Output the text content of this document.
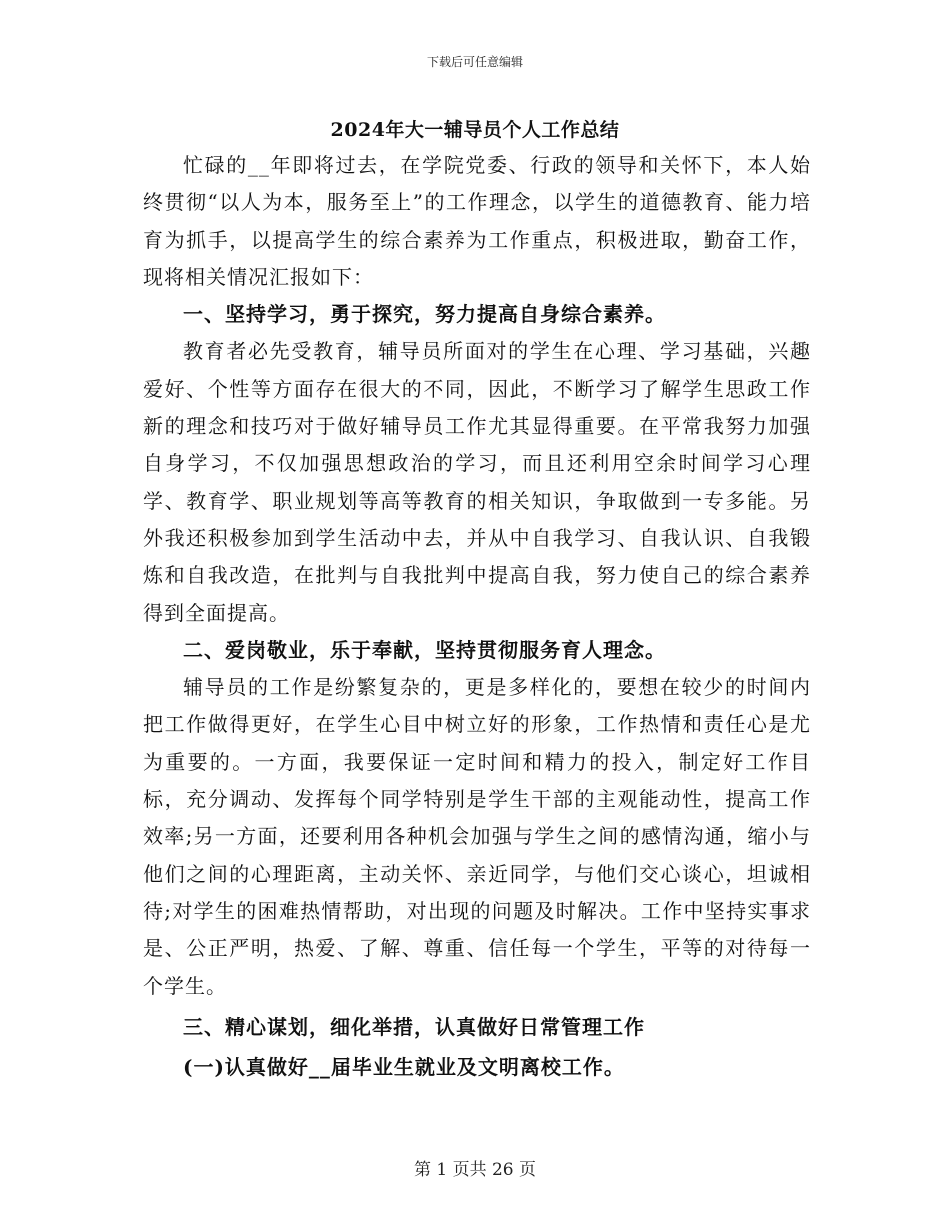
下载后可任意编辑
2024年大一辅导员个人工作总结

忙碌的__年即将过去，在学院党委、行政的领导和关怀下，本人始终贯彻“以人为本，服务至上”的工作理念，以学生的道德教育、能力培育为抓手，以提高学生的综合素养为工作重点，积极进取，勤奋工作，现将相关情况汇报如下：

一、坚持学习，勇于探究，努力提高自身综合素养。

教育者必先受教育，辅导员所面对的学生在心理、学习基础，兴趣爱好、个性等方面存在很大的不同，因此，不断学习了解学生思政工作新的理念和技巧对于做好辅导员工作尤其显得重要。在平常我努力加强自身学习，不仅加强思想政治的学习，而且还利用空余时间学习心理学、教育学、职业规划等高等教育的相关知识，争取做到一专多能。另外我还积极参加到学生活动中去，并从中自我学习、自我认识、自我锻炼和自我改造，在批判与自我批判中提高自我，努力使自己的综合素养得到全面提高。

二、爱岗敬业，乐于奉献，坚持贯彻服务育人理念。

辅导员的工作是纷繁复杂的，更是多样化的，要想在较少的时间内把工作做得更好，在学生心目中树立好的形象，工作热情和责任心是尤为重要的。一方面，我要保证一定时间和精力的投入，制定好工作目标，充分调动、发挥每个同学特别是学生干部的主观能动性，提高工作效率;另一方面，还要利用各种机会加强与学生之间的感情沟通，缩小与他们之间的心理距离，主动关怀、亲近同学，与他们交心谈心，坦诚相待;对学生的困难热情帮助，对出现的问题及时解决。工作中坚持实事求是、公正严明，热爱、了解、尊重、信任每一个学生，平等的对待每一个学生。

三、精心谋划，细化举措，认真做好日常管理工作

(一)认真做好__届毕业生就业及文明离校工作。

第 1 页共 26 页
